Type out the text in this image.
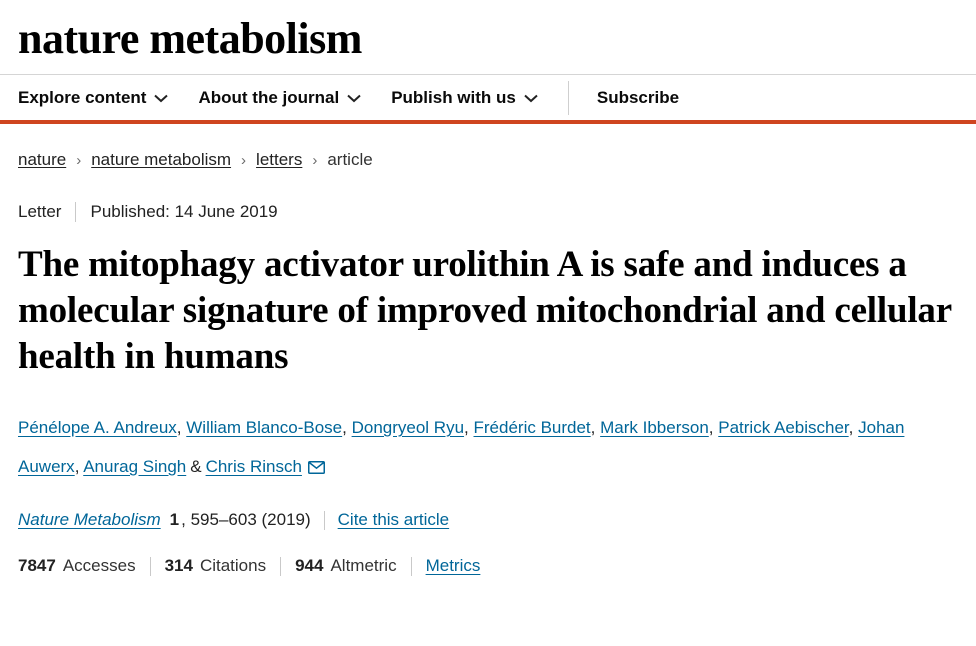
nature metabolism
Explore content	About the journal	Publish with us	Subscribe
nature › nature metabolism › letters › article
Letter Published: 14 June 2019
The mitophagy activator urolithin A is safe and induces a molecular signature of improved mitochondrial and cellular health in humans
Pénélope A. Andreux, William Blanco-Bose, Dongryeol Ryu, Frédéric Burdet, Mark Ibberson, Patrick Aebischer, Johan Auwerx, Anurag Singh & Chris Rinsch
Nature Metabolism 1 , 595–603 (2019) Cite this article
7847 Accesses 314 Citations 944 Altmetric Metrics
